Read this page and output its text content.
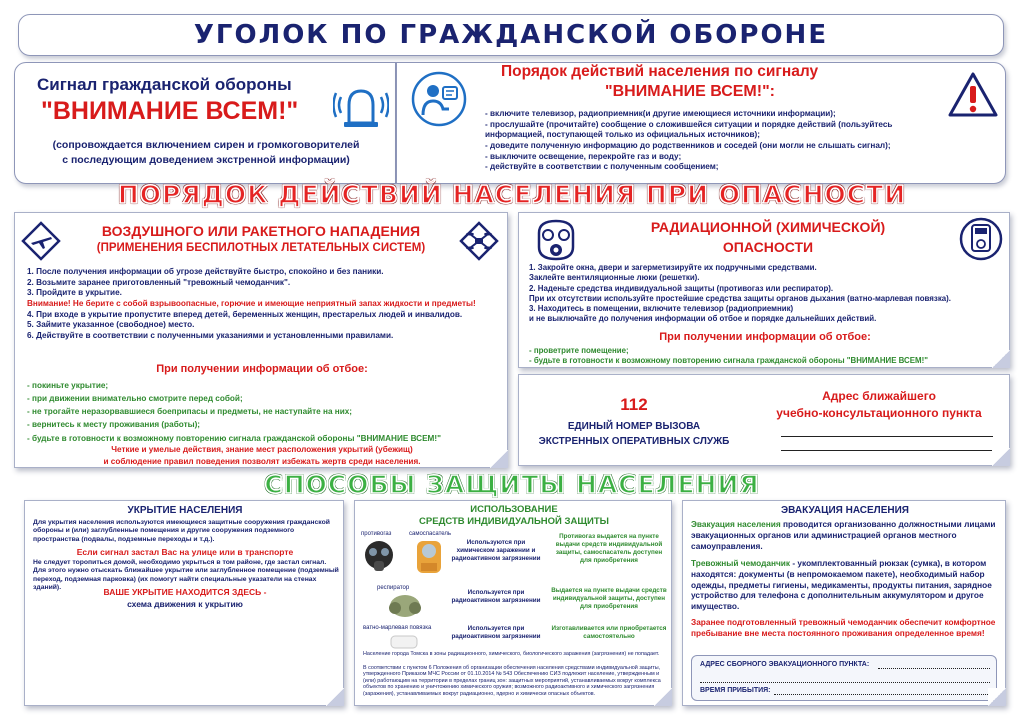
УГОЛОК ПО ГРАЖДАНСКОЙ ОБОРОНЕ
Сигнал гражданской обороны
"ВНИМАНИЕ ВСЕМ!"
(сопровождается включением сирен и громкоговорителей
с последующим доведением экстренной информации)
Порядок действий населения по сигналу
"ВНИМАНИЕ ВСЕМ!":
- включите телевизор, радиоприемник(и другие имеющиеся источники информации);
- прослушайте (прочитайте) сообщение о сложившейся ситуации и порядке действий (пользуйтесь
информацией, поступающей только из официальных источников);
- доведите полученную информацию до родственников и соседей (они могли не слышать сигнал);
- выключите освещение, перекройте газ и воду;
- действуйте в соответствии с полученным сообщением;
ПОРЯДОК ДЕЙСТВИЙ НАСЕЛЕНИЯ ПРИ ОПАСНОСТИ
ВОЗДУШНОГО ИЛИ РАКЕТНОГО НАПАДЕНИЯ
(ПРИМЕНЕНИЯ БЕСПИЛОТНЫХ ЛЕТАТЕЛЬНЫХ СИСТЕМ)
1. После получения информации об угрозе действуйте быстро, спокойно и без паники.
2. Возьмите заранее приготовленный "тревожный чемоданчик".
3. Пройдите в укрытие.
Внимание! Не берите с собой взрывоопасные, горючие и имеющие неприятный запах жидкости и предметы!
4. При входе в укрытие пропустите вперед детей, беременных женщин, престарелых людей и инвалидов.
5. Займите указанное (свободное) место.
6. Действуйте в соответствии с полученными указаниями и установленными правилами.
При получении информации об отбое:
- покиньте укрытие;
- при движении внимательно смотрите перед собой;
- не трогайте неразорвавшиеся боеприпасы и предметы, не наступайте на них;
- вернитесь к месту проживания (работы);
- будьте в готовности к возможному повторению сигнала гражданской обороны "ВНИМАНИЕ ВСЕМ!"
Четкие и умелые действия, знание мест расположения укрытий (убежищ)
и соблюдение правил поведения позволят избежать жертв среди населения.
РАДИАЦИОННОЙ (ХИМИЧЕСКОЙ)
ОПАСНОСТИ
1. Закройте окна, двери и загерметизируйте их подручными средствами.
Заклейте вентиляционные люки (решетки).
2. Наденьте средства индивидуальной защиты (противогаз или респиратор).
При их отсутствии используйте простейшие средства защиты органов дыхания (ватно-марлевая повязка).
3. Находитесь в помещении, включите телевизор (радиоприемник)
и не выключайте до получения информации об отбое и порядке дальнейших действий.
При получении информации об отбое:
- проветрите помещение;
- будьте в готовности к возможному повторению сигнала гражданской обороны "ВНИМАНИЕ ВСЕМ!"
112
ЕДИНЫЙ НОМЕР ВЫЗОВА
ЭКСТРЕННЫХ ОПЕРАТИВНЫХ СЛУЖБ
Адрес ближайшего
учебно-консультационного пункта
СПОСОБЫ ЗАЩИТЫ НАСЕЛЕНИЯ
УКРЫТИЕ НАСЕЛЕНИЯ
Для укрытия населения используются имеющиеся защитные сооружения гражданской обороны и (или) заглубленные помещения и другие сооружения подземного пространства (подвалы, подземные переходы и т.д.).
Если сигнал застал Вас на улице или в транспорте
Не следует торопиться домой, необходимо укрыться в том районе, где застал сигнал. Для этого нужно отыскать ближайшее укрытие или заглубленное помещение (подземный переход, подземная парковка) (их помогут найти специальные указатели на стенах зданий).	ВАШЕ УКРЫТИЕ НАХОДИТСЯ ЗДЕСЬ -
схема движения к укрытию
ИСПОЛЬЗОВАНИЕ
СРЕДСТВ ИНДИВИДУАЛЬНОЙ ЗАЩИТЫ
противогаз	самоспасатель
респиратор
ватно-марлевая повязка
Используются при химическом заражении и радиоактивном загрязнении
Используется при радиоактивном загрязнении
Используется при радиоактивном загрязнении
Противогаз выдается на пункте выдачи средств индивидуальной защиты, самоспасатель доступен для приобретения
Выдается на пункте выдачи средств индивидуальной защиты, доступен для приобретения
Изготавливается или приобретается самостоятельно
Население города Томска в зоны радиационного, химического, биологического заражения (загрязнения) не попадает.
В соответствии с пунктом 6 Положения об организации обеспечения населения средствами индивидуальной защиты, утвержденного Приказом МЧС России от 01.10.2014 № 543 Обеспечению СИЗ подлежит население, утвержденным и (или) работающим на территории в пределах границ зон: защитных мероприятий, устанавливаемых вокруг комплекса объектов по хранению и уничтожению химического оружия; возможного радиоактивного и химического загрязнения (заражения), устанавливаемых вокруг радиационно, ядерно и химически опасных объектов.
ЭВАКУАЦИЯ НАСЕЛЕНИЯ
Эвакуация населения проводится организованно должностными лицами эвакуационных органов или администрацией органов местного самоуправления.
Тревожный чемоданчик - укомплектованный рюкзак (сумка), в котором находятся: документы (в непромокаемом пакете), необходимый набор одежды, предметы гигиены, медикаменты, продукты питания, зарядное устройство для телефона с дополнительным аккумулятором и другое имущество.
Заранее подготовленный тревожный чемоданчик обеспечит комфортное пребывание вне места постоянного проживания определенное время!
АДРЕС СБОРНОГО ЭВАКУАЦИОННОГО ПУНКТА:
ВРЕМЯ ПРИБЫТИЯ:
